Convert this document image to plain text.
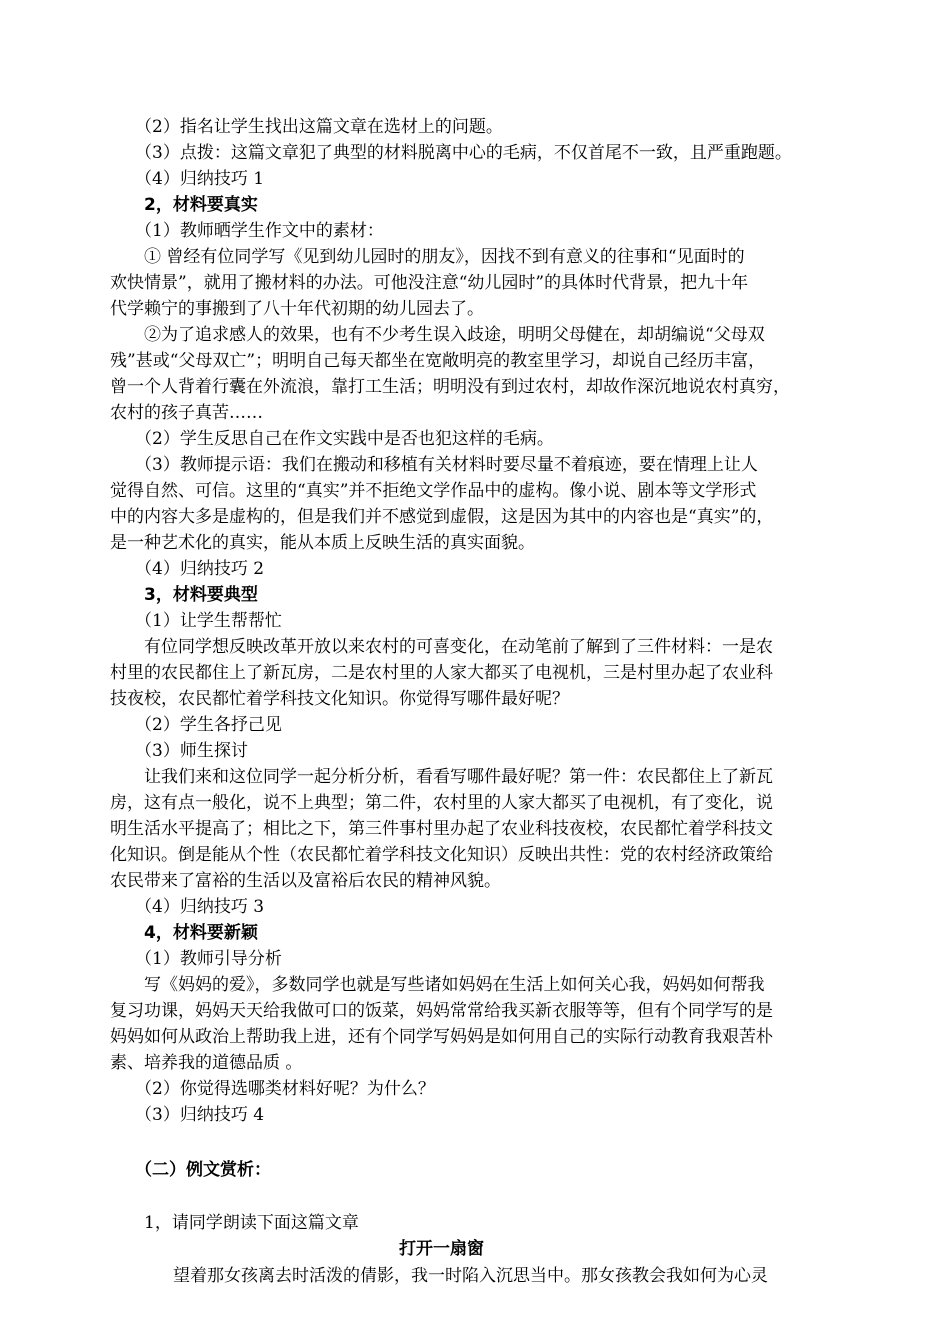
（2）指名让学生找出这篇文章在选材上的问题。
（3）点拨：这篇文章犯了典型的材料脱离中心的毛病，不仅首尾不一致，且严重跑题。
（4）归纳技巧 1
2，材料要真实
（1）教师晒学生作文中的素材：
① 曾经有位同学写《见到幼儿园时的朋友》，因找不到有意义的往事和“见面时的
欢快情景”，就用了搬材料的办法。可他没注意“幼儿园时”的具体时代背景，把九十年
代学赖宁的事搬到了八十年代初期的幼儿园去了。
②为了追求感人的效果，也有不少考生误入歧途，明明父母健在，却胡编说“父母双
残”甚或“父母双亡”；明明自己每天都坐在宽敞明亮的教室里学习，却说自己经历丰富，
曾一个人背着行囊在外流浪，靠打工生活；明明没有到过农村，却故作深沉地说农村真穷，
农村的孩子真苦……
（2）学生反思自己在作文实践中是否也犯这样的毛病。
（3）教师提示语：我们在搬动和移植有关材料时要尽量不着痕迹，要在情理上让人
觉得自然、可信。这里的“真实”并不拒绝文学作品中的虚构。像小说、剧本等文学形式
中的内容大多是虚构的，但是我们并不感觉到虚假，这是因为其中的内容也是“真实”的，
是一种艺术化的真实，能从本质上反映生活的真实面貌。
（4）归纳技巧 2
3，材料要典型
（1）让学生帮帮忙
有位同学想反映改革开放以来农村的可喜变化，在动笔前了解到了三件材料：一是农
村里的农民都住上了新瓦房，二是农村里的人家大都买了电视机，三是村里办起了农业科
技夜校，农民都忙着学科技文化知识。你觉得写哪件最好呢？
（2）学生各抒己见
（3）师生探讨
让我们来和这位同学一起分析分析，看看写哪件最好呢？第一件：农民都住上了新瓦
房，这有点一般化，说不上典型；第二件，农村里的人家大都买了电视机，有了变化，说
明生活水平提高了；相比之下，第三件事村里办起了农业科技夜校，农民都忙着学科技文
化知识。倒是能从个性（农民都忙着学科技文化知识）反映出共性：党的农村经济政策给
农民带来了富裕的生活以及富裕后农民的精神风貌。
（4）归纳技巧 3
4，材料要新颖
（1）教师引导分析
写《妈妈的爱》，多数同学也就是写些诸如妈妈在生活上如何关心我，妈妈如何帮我
复习功课，妈妈天天给我做可口的饭菜，妈妈常常给我买新衣服等等，但有个同学写的是
妈妈如何从政治上帮助我上进，还有个同学写妈妈是如何用自己的实际行动教育我艰苦朴
素、培养我的道德品质 。
（2）你觉得选哪类材料好呢？为什么？
（3）归纳技巧 4
（二）例文赏析：
1，请同学朗读下面这篇文章
打开一扇窗
望着那女孩离去时活泼的倩影，我一时陷入沉思当中。那女孩教会我如何为心灵
